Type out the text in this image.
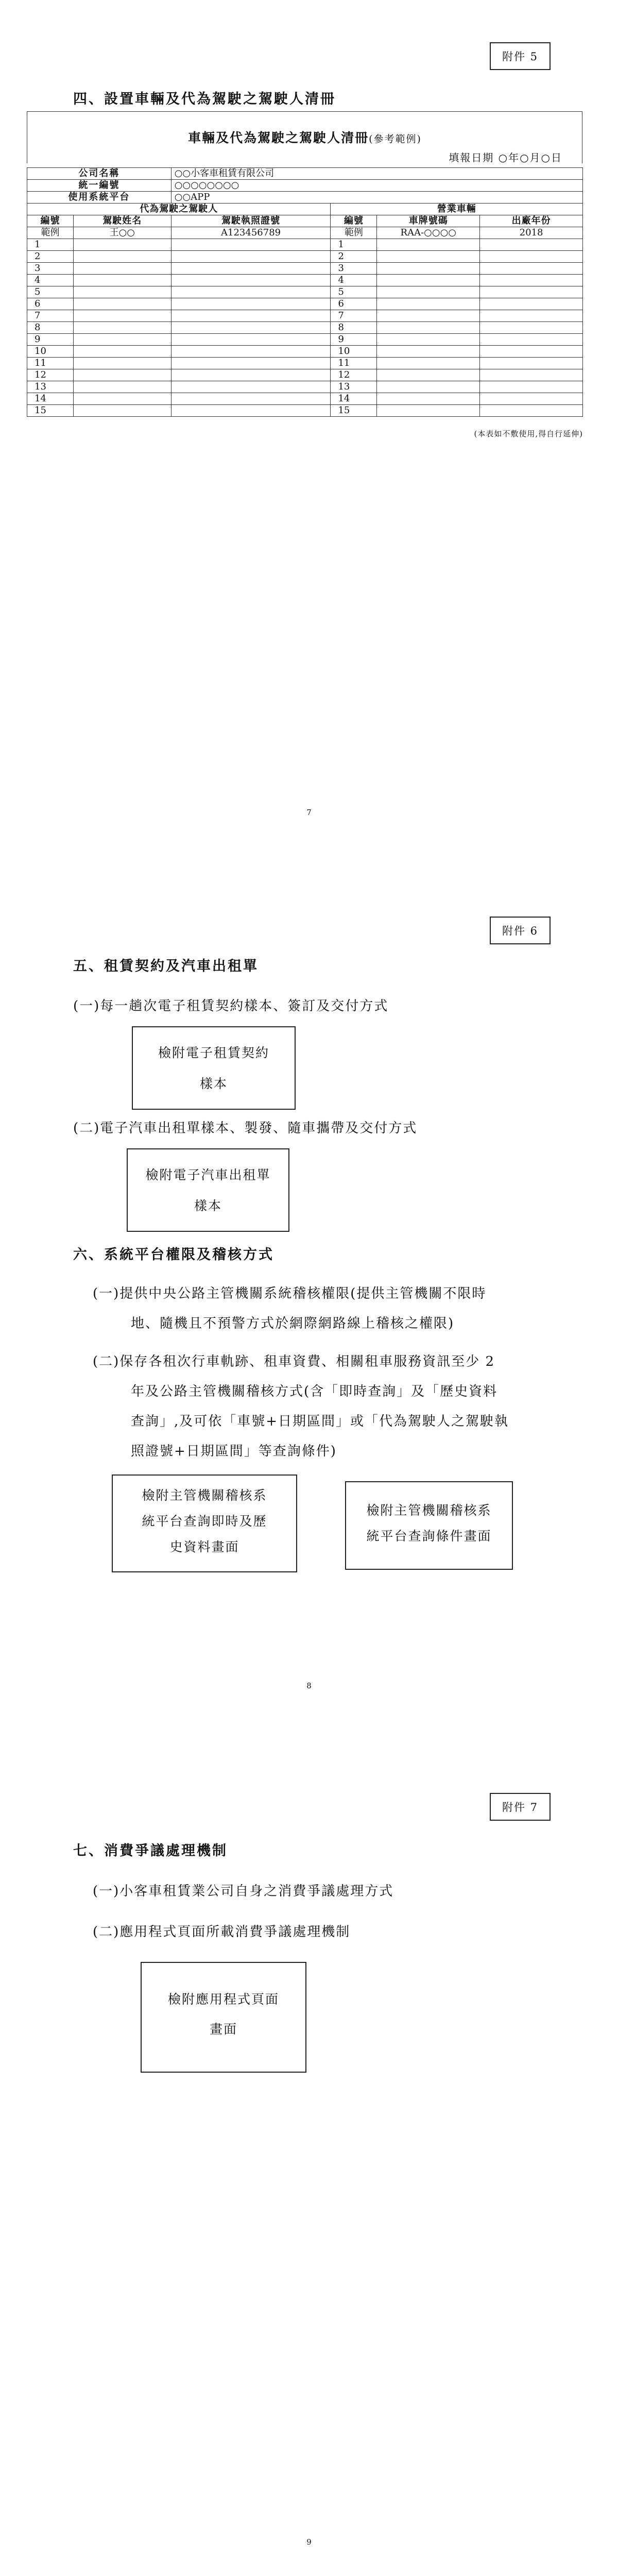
附件 5
四、設置車輛及代為駕駛之駕駛人清冊
車輛及代為駕駛之駕駛人清冊(參考範例)
填報日期 ○年○月○日
公司名稱		○○小客車租賃有限公司			
統一編號		○○○○○○○○			
使用系統平台		○○APP			
代為駕駛之駕駛人			營業車輛		
編號	駕駛姓名	駕駛執照證號	編號	車牌號碼	出廠年份
範例	王○○	A123456789	範例	RAA-○○○○	2018
1			1		
2			2		
3			3		
4			4		
5			5		
6			6		
7			7		
8			8		
9			9		
10			10		
11			11		
12			12		
13			13		
14			14		
15			15		
(本表如不敷使用,得自行延伸)
7
附件 6
五、租賃契約及汽車出租單
(一)每一趟次電子租賃契約樣本、簽訂及交付方式
檢附電子租賃契約
樣本
(二)電子汽車出租單樣本、製發、隨車攜帶及交付方式
檢附電子汽車出租單
樣本
六、系統平台權限及稽核方式
(一)提供中央公路主管機關系統稽核權限(提供主管機關不限時
地、隨機且不預警方式於網際網路線上稽核之權限)
(二)保存各租次行車軌跡、租車資費、相關租車服務資訊至少 2
年及公路主管機關稽核方式(含「即時查詢」及「歷史資料
查詢」,及可依「車號+日期區間」或「代為駕駛人之駕駛執
照證號+日期區間」等查詢條件)
檢附主管機關稽核系
統平台查詢即時及歷
史資料畫面
檢附主管機關稽核系
統平台查詢條件畫面
8
附件 7
七、消費爭議處理機制
(一)小客車租賃業公司自身之消費爭議處理方式
(二)應用程式頁面所載消費爭議處理機制
檢附應用程式頁面
畫面
9
